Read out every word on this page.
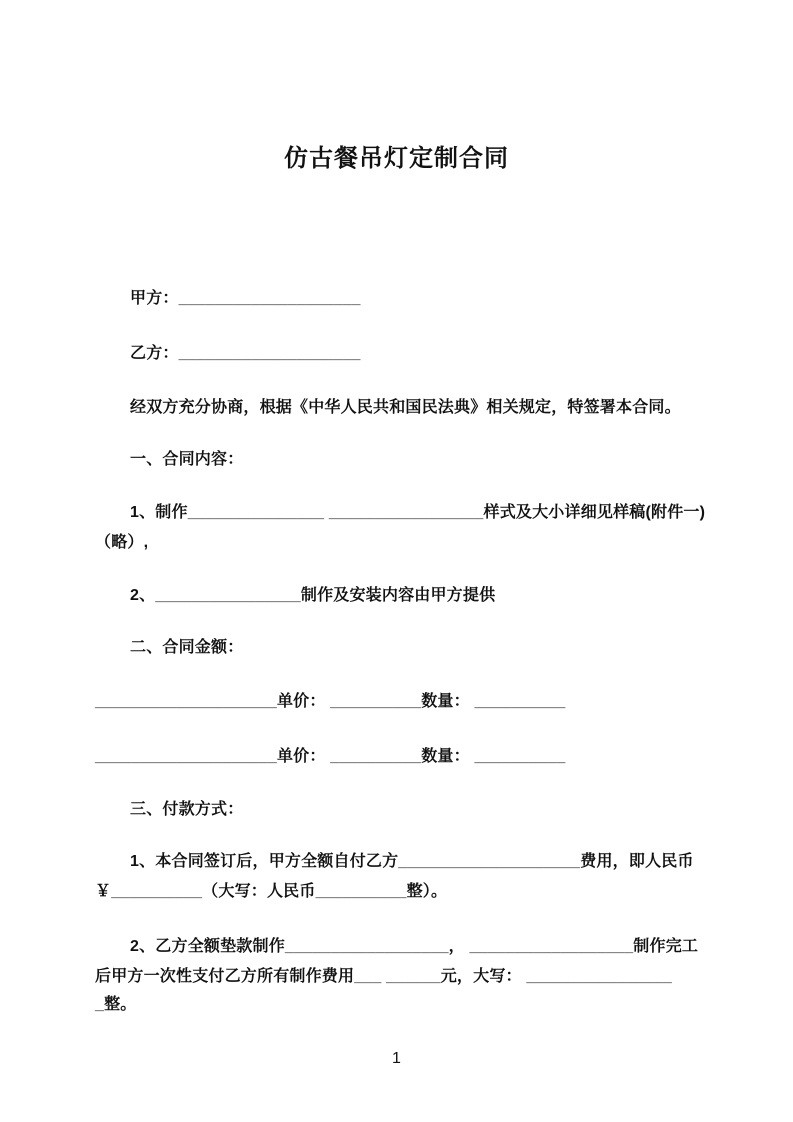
仿古餐吊灯定制合同
甲方：____________________
乙方：____________________
经双方充分协商，根据《中华人民共和国民法典》相关规定，特签署本合同。
一、合同内容：
1、制作_______________ _________________样式及大小详细见样稿(附件一)
（略）,
2、________________制作及安装内容由甲方提供
二、合同金额：
____________________单价： __________数量： __________
____________________单价： __________数量： __________
三、付款方式：
1、本合同签订后，甲方全额自付乙方____________________费用，即人民币
￥__________（大写：人民币__________整）。
2、乙方全额垫款制作__________________， __________________制作完工
后甲方一次性支付乙方所有制作费用___ ______元，大写： ________________
_整。
1
